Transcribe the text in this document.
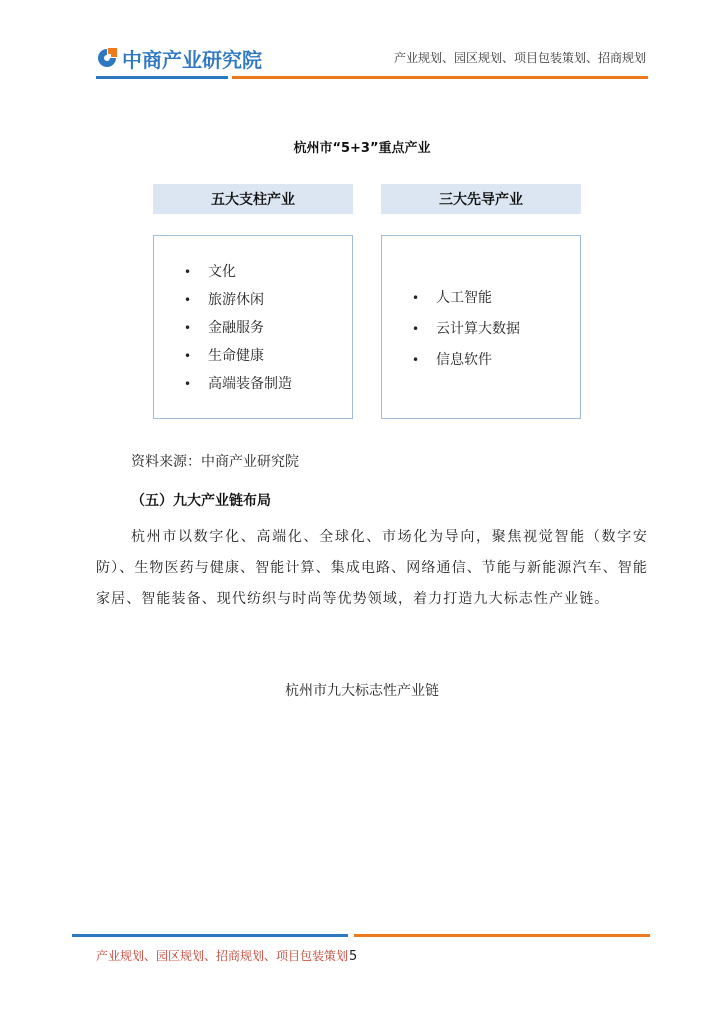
中商产业研究院	产业规划、园区规划、项目包装策划、招商规划
杭州市“5+3”重点产业
五大支柱产业	三大先导产业
• 文化
• 旅游休闲
• 金融服务
• 生命健康
• 高端装备制造
• 人工智能
• 云计算大数据
• 信息软件
资料来源：中商产业研究院
（五）九大产业链布局

杭州市以数字化、高端化、全球化、市场化为导向，聚焦视觉智能（数字安防）、生物医药与健康、智能计算、集成电路、网络通信、节能与新能源汽车、智能家居、智能装备、现代纺织与时尚等优势领域，着力打造九大标志性产业链。

杭州市九大标志性产业链
产业规划、园区规划、招商规划、项目包装策划5
